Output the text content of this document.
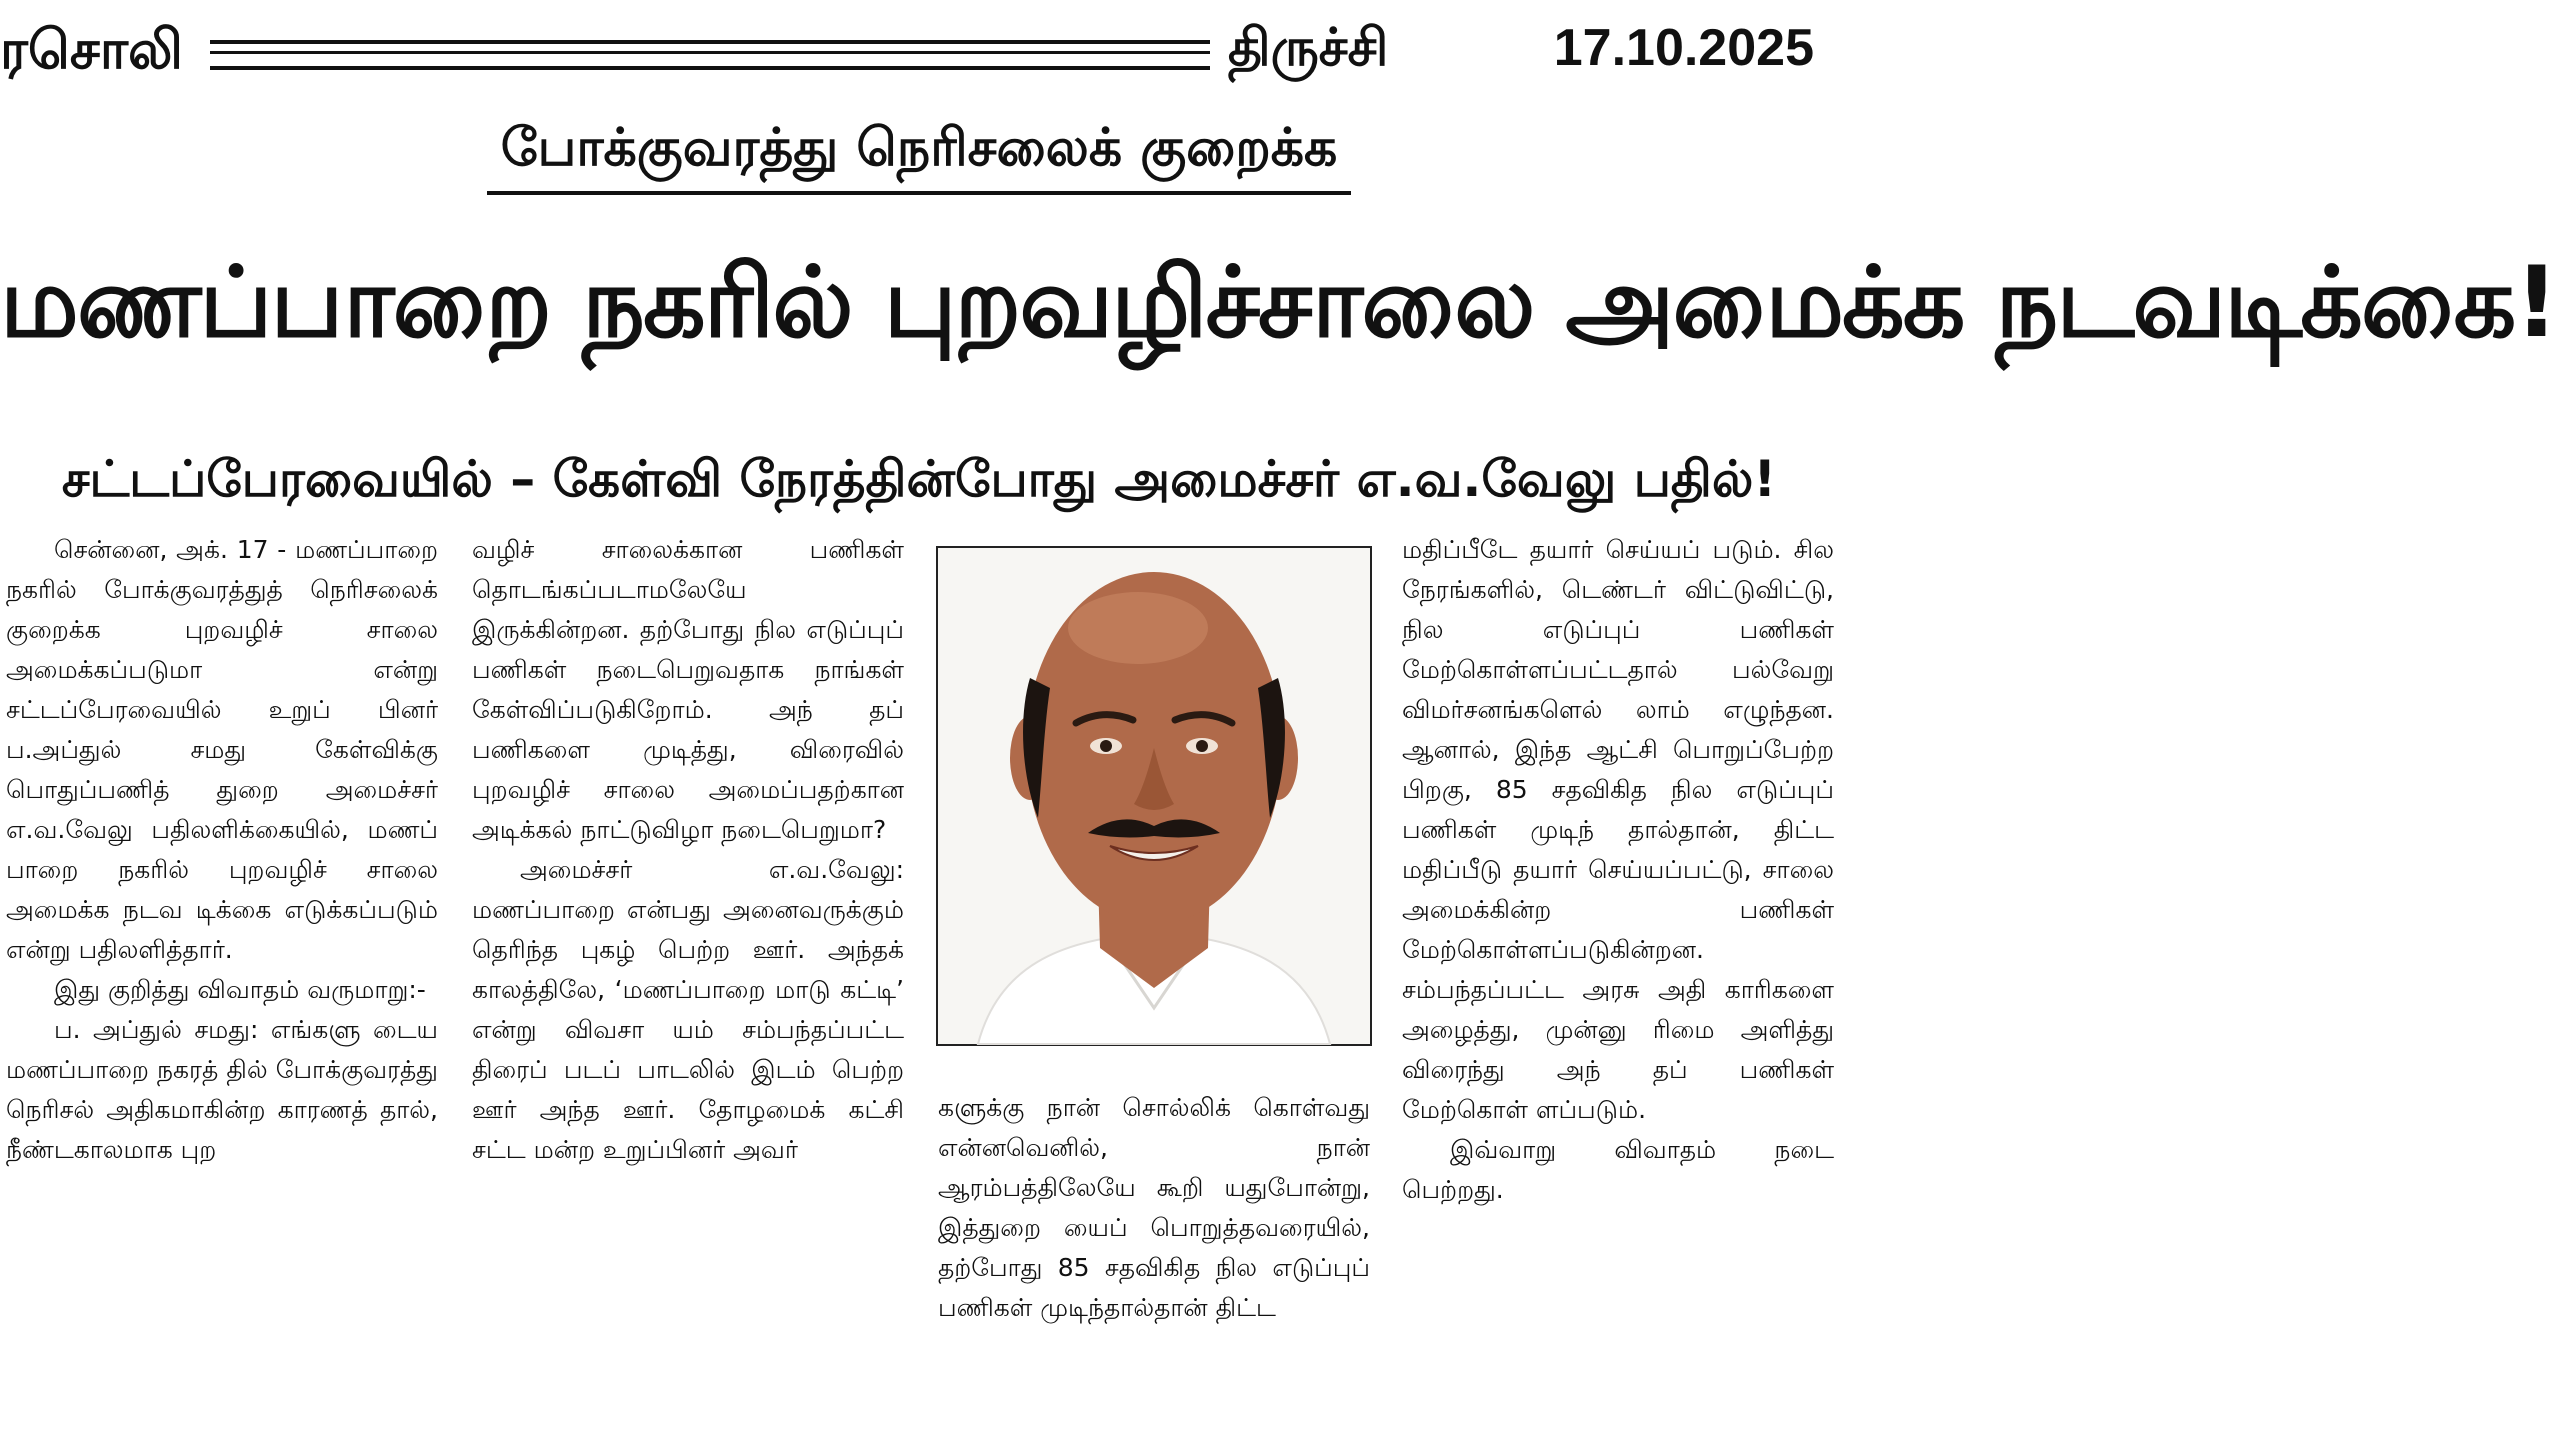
ரசொலி	திருச்சி	17.10.2025
போக்குவரத்து நெரிசலைக் குறைக்க
மணப்பாறை நகரில் புறவழிச்சாலை அமைக்க நடவடிக்கை!
சட்டப்பேரவையில் – கேள்வி நேரத்தின்போது அமைச்சர் எ.வ.வேலு பதில்!

சென்னை, அக். 17 - மணப்பாறை நகரில் போக்குவரத்துத் நெரிசலைக் குறைக்க புறவழிச் சாலை அமைக்கப்படுமா என்று சட்டப்பேரவையில் உறுப் பினர் ப.அப்துல் சமது கேள்விக்கு பொதுப்பணித் துறை அமைச்சர் எ.வ.வேலு பதிலளிக்கையில், மணப் பாறை நகரில் புறவழிச் சாலை அமைக்க நடவ டிக்கை எடுக்கப்படும் என்று பதிலளித்தார்.

இது குறித்து விவாதம் வருமாறு:-

ப. அப்துல் சமது: எங்களு டைய மணப்பாறை நகரத் தில் போக்குவரத்து நெரிசல் அதிகமாகின்ற காரணத் தால், நீண்டகாலமாக புற

வழிச் சாலைக்கான பணிகள் தொடங்கப்படாமலேயே இருக்கின்றன. தற்போது நில எடுப்புப் பணிகள் நடைபெறுவதாக நாங்கள் கேள்விப்படுகிறோம். அந் தப் பணிகளை முடித்து, விரைவில் புறவழிச் சாலை அமைப்பதற்கான அடிக்கல் நாட்டுவிழா நடைபெறுமா?

அமைச்சர் எ.வ.வேலு: மணப்பாறை என்பது அனைவருக்கும் தெரிந்த புகழ் பெற்ற ஊர். அந்தக் காலத்திலே, ‘மணப்பாறை மாடு கட்டி’ என்று விவசா யம் சம்பந்தப்பட்ட திரைப் படப் பாடலில் இடம் பெற்ற ஊர் அந்த ஊர். தோழமைக் கட்சி சட்ட மன்ற உறுப்பினர் அவர்

களுக்கு நான் சொல்லிக் கொள்வது என்னவெனில், நான் ஆரம்பத்திலேயே கூறி யதுபோன்று, இத்துறை யைப் பொறுத்தவரையில், தற்போது 85 சதவிகித நில எடுப்புப் பணிகள் முடிந்தால்தான் திட்ட

மதிப்பீடே தயார் செய்யப் படும். சில நேரங்களில், டெண்டர் விட்டுவிட்டு, நில எடுப்புப் பணிகள் மேற்கொள்ளப்பட்டதால் பல்வேறு விமர்சனங்களெல் லாம் எழுந்தன. ஆனால், இந்த ஆட்சி பொறுப்பேற்ற பிறகு, 85 சதவிகித நில எடுப்புப் பணிகள் முடிந் தால்தான், திட்ட மதிப்பீடு தயார் செய்யப்பட்டு, சாலை அமைக்கின்ற பணிகள் மேற்கொள்ளப்படுகின்றன. சம்பந்தப்பட்ட அரசு அதி காரிகளை அழைத்து, முன்னு ரிமை அளித்து விரைந்து அந் தப் பணிகள் மேற்கொள் ளப்படும்.

இவ்வாறு விவாதம் நடை பெற்றது.
